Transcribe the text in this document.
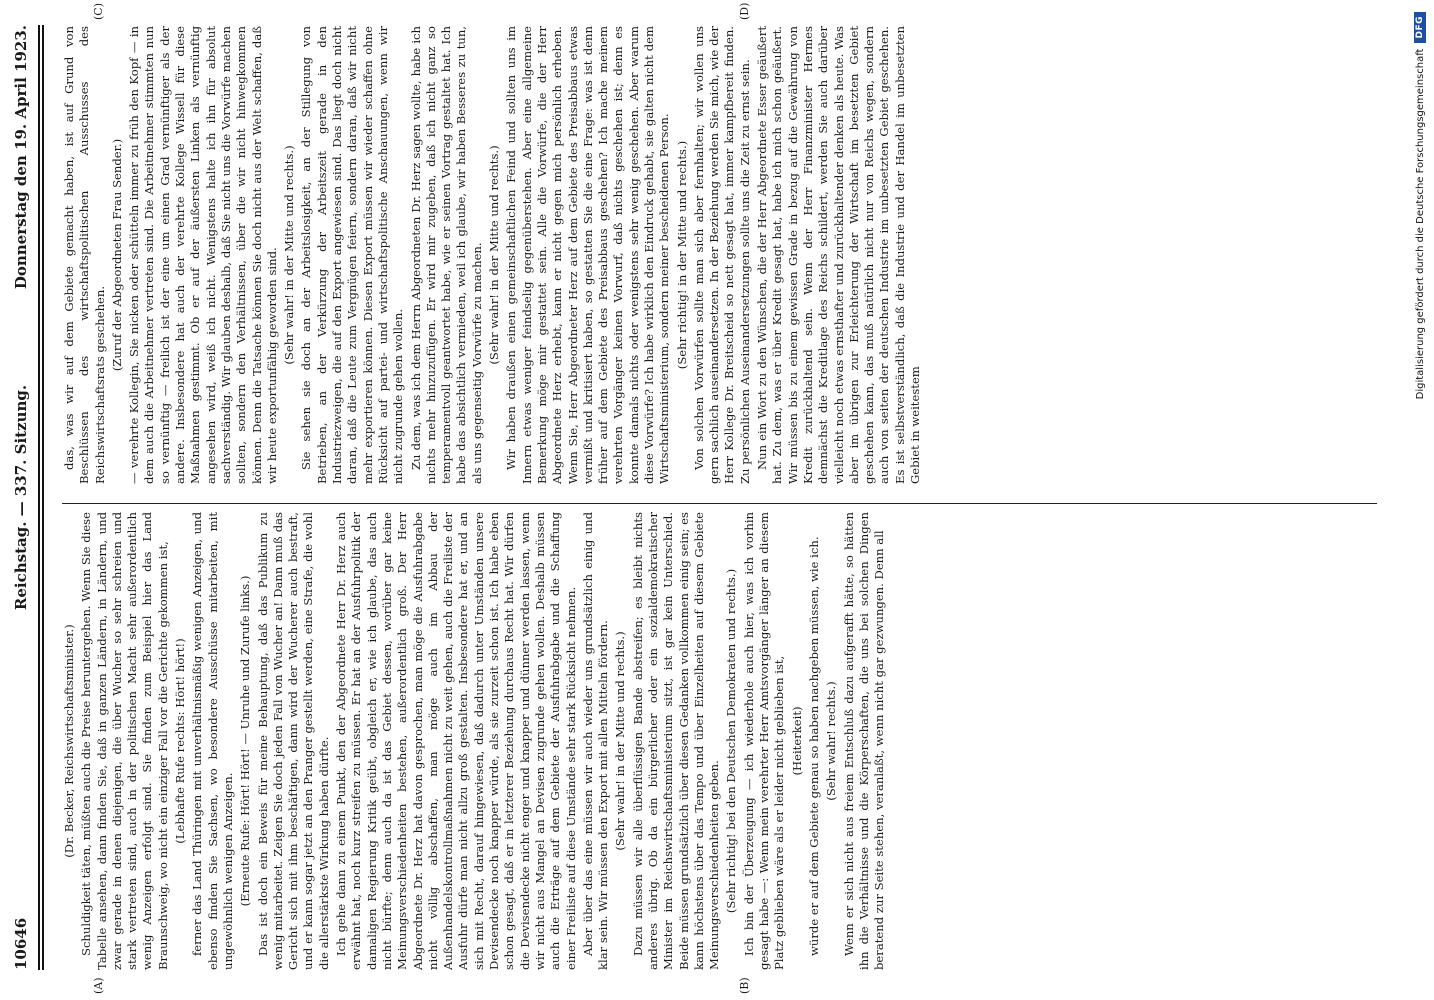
10646
Reichstag. — 337. Sitzung.
Donnerstag den 19. April 1923.
(A)	(B)
(C)	(D)

(Dr. Becker, Reichswirtschaftsminister.) Schuldigkeit täten, müßten auch die Preise heruntergehen. Wenn Sie diese Tabelle ansehen, dann finden Sie, daß in ganzen Ländern, in Ländern, und zwar gerade in denen diejenigen, die über Wucher so sehr schreien und stark vertreten sind, auch in der politischen Macht sehr außerordentlich wenig Anzeigen erfolgt sind. Sie finden zum Beispiel hier das Land Braunschweig, wo nicht ein einziger Fall vor die Gerichte gekommen ist, (Lebhafte Rufe rechts: Hört! hört!) ferner das Land Thüringen mit unverhältnismäßig wenigen Anzeigen, und ebenso finden Sie Sachsen, wo besondere Ausschüsse mitarbeiten, mit ungewöhnlich wenigen Anzeigen. (Erneute Rufe: Hört! Hört! — Unruhe und Zurufe links.) Das ist doch ein Beweis für meine Behauptung, daß das Publikum zu wenig mitarbeitet. Zeigen Sie doch jeden Fall von Wucher an! Dann muß das Gericht sich mit ihm beschäftigen, dann wird der Wucherer auch bestraft, und er kann sogar jetzt an den Pranger gestellt werden, eine Strafe, die wohl die allerstärkste Wirkung haben dürfte. Ich gehe dann zu einem Punkt, den der Abgeordnete Herr Dr. Herz auch erwähnt hat, noch kurz streifen zu müssen. Er hat an der Ausfuhrpolitik der damaligen Regierung Kritik geübt, obgleich er, wie ich glaube, das auch nicht bürfte; denn auch da ist das Gebiet dessen, worüber gar keine Meinungsverschiedenheiten bestehen, außerordentlich groß. Der Herr Abgeordnete Dr. Herz hat davon gesprochen, man möge die Ausfuhrabgabe nicht völlig abschaffen, man möge auch im Abbau der Außenhandelskontrollmaßnahmen nicht zu weit gehen, auch die Freiliste der Ausfuhr dürfe man nicht allzu groß gestalten. Insbesondere hat er, und an sich mit Recht, darauf hingewiesen, daß dadurch unter Umständen unsere Devisendecke noch knapper würde, als sie zurzeit schon ist. Ich habe eben schon gesagt, daß er in letzterer Beziehung durchaus Recht hat. Wir dürfen die Devisendecke nicht enger und knapper und dünner werden lassen, wenn wir nicht aus Mangel an Devisen zugrunde gehen wollen. Deshalb müssen auch die Erträge auf dem Gebiete der Ausfuhrabgabe und die Schaffung einer Freiliste auf diese Umstände sehr stark Rücksicht nehmen. Aber über das eine müssen wir auch wieder uns grundsätzlich einig und klar sein. Wir müssen den Export mit allen Mitteln fördern. (Sehr wahr! in der Mitte und rechts.) Dazu müssen wir alle überflüssigen Bande abstreifen; es bleibt nichts anderes übrig. Ob da ein bürgerlicher oder ein sozialdemokratischer Minister im Reichswirtschaftsministerium sitzt, ist gar kein Unterschied. Beide müssen grundsätzlich über diesen Gedanken vollkommen einig sein; es kann höchstens über das Tempo und über Einzelheiten auf diesem Gebiete Meinungsverschiedenheiten geben. (Sehr richtig! bei den Deutschen Demokraten und rechts.) Ich bin der Überzeugung — ich wiederhole auch hier, was ich vorhin gesagt habe —: Wenn mein verehrter Herr Amtsvorgänger länger an diesem Platz geblieben wäre als er leider nicht geblieben ist, (Heiterkeit) würde er auf dem Gebiete genau so haben nachgeben müssen, wie ich. (Sehr wahr! rechts.) Wenn er sich nicht aus freiem Entschluß dazu aufgerafft hätte, so hätten ihn die Verhältnisse und die Körperschaften, die uns bei solchen Dingen beratend zur Seite stehen, veranlaßt, wenn nicht gar gezwungen. Denn all

das, was wir auf dem Gebiete gemacht haben, ist auf Grund von Beschlüssen des wirtschaftspolitischen Ausschusses des Reichswirtschaftsrats geschehen.

(Zuruf der Abgeordneten Frau Sender.) — verehrte Kollegin, Sie nicken oder schütteln immer zu früh den Kopf — in dem auch die Arbeitnehmer vertreten sind. Die Arbeitnehmer stimmten nun so vernünftig — freilich ist der eine um einen Grad vernünftiger als der andere. Insbesondere hat auch der verehrte Kollege Wissell für diese Maßnahmen gestimmt. Ob er auf der äußersten Linken als vernünftig angesehen wird, weiß ich nicht. Wenigstens halte ich ihn für absolut sachverständig. Wir glauben deshalb, daß Sie nicht uns die Vorwürfe machen sollten, sondern den Verhältnissen, über die wir nicht hinwegkommen können. Denn die Tatsache können Sie doch nicht aus der Welt schaffen, daß wir heute exportunfähig geworden sind. (Sehr wahr! in der Mitte und rechts.) Sie sehen sie doch an der Arbeitslosigkeit, an der Stillegung von Betrieben, an der Verkürzung der Arbeitszeit gerade in den Industriezweigen, die auf den Export angewiesen sind. Das liegt doch nicht daran, daß die Leute zum Vergnügen feiern, sondern daran, daß wir nicht mehr exportieren können. Diesen Export müssen wir wieder schaffen ohne Rücksicht auf partei- und wirtschaftspolitische Anschauungen, wenn wir nicht zugrunde gehen wollen. Zu dem, was ich dem Herrn Abgeordneten Dr. Herz sagen wollte, habe ich nichts mehr hinzuzufügen. Er wird mir zugeben, daß ich nicht ganz so temperamentvoll geantwortet habe, wie er seinen Vortrag gestaltet hat. Ich habe das absichtlich vermieden, weil ich glaube, wir haben Besseres zu tun, als uns gegenseitig Vorwürfe zu machen. (Sehr wahr! in der Mitte und rechts.) Wir haben draußen einen gemeinschaftlichen Feind und sollten uns im Innern etwas weniger feindselig gegenüberstehen. Aber eine allgemeine Bemerkung möge mir gestattet sein. Alle die Vorwürfe, die der Herr Abgeordnete Herz erhebt, kann er nicht gegen mich persönlich erheben. Wenn Sie, Herr Abgeordneter Herz auf dem Gebiete des Preisabbaus etwas vermißt und kritisiert haben, so gestatten Sie die eine Frage: was ist denn früher auf dem Gebiete des Preisabbaus geschehen? Ich mache meinem verehrten Vorgänger keinen Vorwurf, daß nichts geschehen ist; denn es konnte damals nichts oder wenigstens sehr wenig geschehen. Aber warum diese Vorwürfe? Ich habe wirklich den Eindruck gehabt, sie galten nicht dem Wirtschaftsministerium, sondern meiner bescheidenen Person. (Sehr richtig! in der Mitte und rechts.) Von solchen Vorwürfen sollte man sich aber fernhalten; wir wollen uns gern sachlich auseinandersetzen. In der Beziehung werden Sie mich, wie der Herr Kollege Dr. Breitscheid so nett gesagt hat, immer kampfbereit finden. Zu persönlichen Auseinandersetzungen sollte uns die Zeit zu ernst sein. Nun ein Wort zu den Wünschen, die der Herr Abgeordnete Esser geäußert hat. Zu dem, was er über Kredit gesagt hat, habe ich mich schon geäußert. Wir müssen bis zu einem gewissen Grade in bezug auf die Gewährung von Kredit zurückhaltend sein. Wenn der Herr Finanzminister Hermes demnächst die Kreditlage des Reichs schildert, werden Sie auch darüber vielleicht noch etwas ernsthafter und zurückhaltender denken als heute. Was aber im übrigen zur Erleichterung der Wirtschaft im besetzten Gebiet geschehen kann, das muß natürlich nicht nur von Reichs wegen, sondern auch von seiten der deutschen Industrie im unbesetzten Gebiet geschehen. Es ist selbstverständlich, daß die Industrie und der Handel im unbesetzten Gebiet in weitestem

Digitalisierung gefördert durch die Deutsche Forschungsgemeinschaft
DFG
